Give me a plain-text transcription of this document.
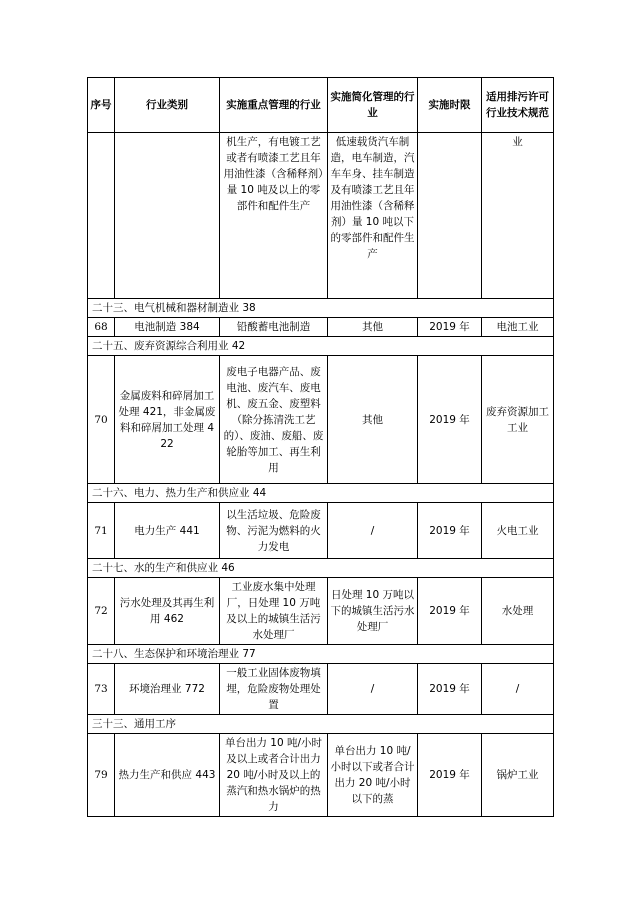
序号	行业类别	实施重点管理的行业	实施简化管理的行业	实施时限	适用排污许可行业技术规范
		机生产，有电镀工艺或者有喷漆工艺且年用油性漆（含稀释剂）量 10 吨及以上的零部件和配件生产	低速载货汽车制造，电车制造，汽车车身、挂车制造及有喷漆工艺且年用油性漆（含稀释剂）量 10 吨以下的零部件和配件生产		业
二十三、电气机械和器材制造业 38					
68	电池制造 384	铅酸蓄电池制造	其他	2019 年	电池工业
二十五、废弃资源综合利用业 42					
70	金属废料和碎屑加工处理 421，非金属废料和碎屑加工处理 422	废电子电器产品、废电池、废汽车、废电机、废五金、废塑料（除分拣清洗工艺的）、废油、废船、废轮胎等加工、再生利用	其他	2019 年	废弃资源加工工业
二十六、电力、热力生产和供应业 44					
71	电力生产 441	以生活垃圾、危险废物、污泥为燃料的火力发电	/	2019 年	火电工业
二十七、水的生产和供应业 46					
72	污水处理及其再生利用 462	工业废水集中处理厂，日处理 10 万吨及以上的城镇生活污水处理厂	日处理 10 万吨以下的城镇生活污水处理厂	2019 年	水处理
二十八、生态保护和环境治理业 77					
73	环境治理业 772	一般工业固体废物填埋，危险废物处理处置	/	2019 年	/
三十三、通用工序					
79	热力生产和供应 443	单台出力 10 吨/小时及以上或者合计出力 20 吨/小时及以上的蒸汽和热水锅炉的热力	单台出力 10 吨/小时以下或者合计出力 20 吨/小时以下的蒸	2019 年	锅炉工业
